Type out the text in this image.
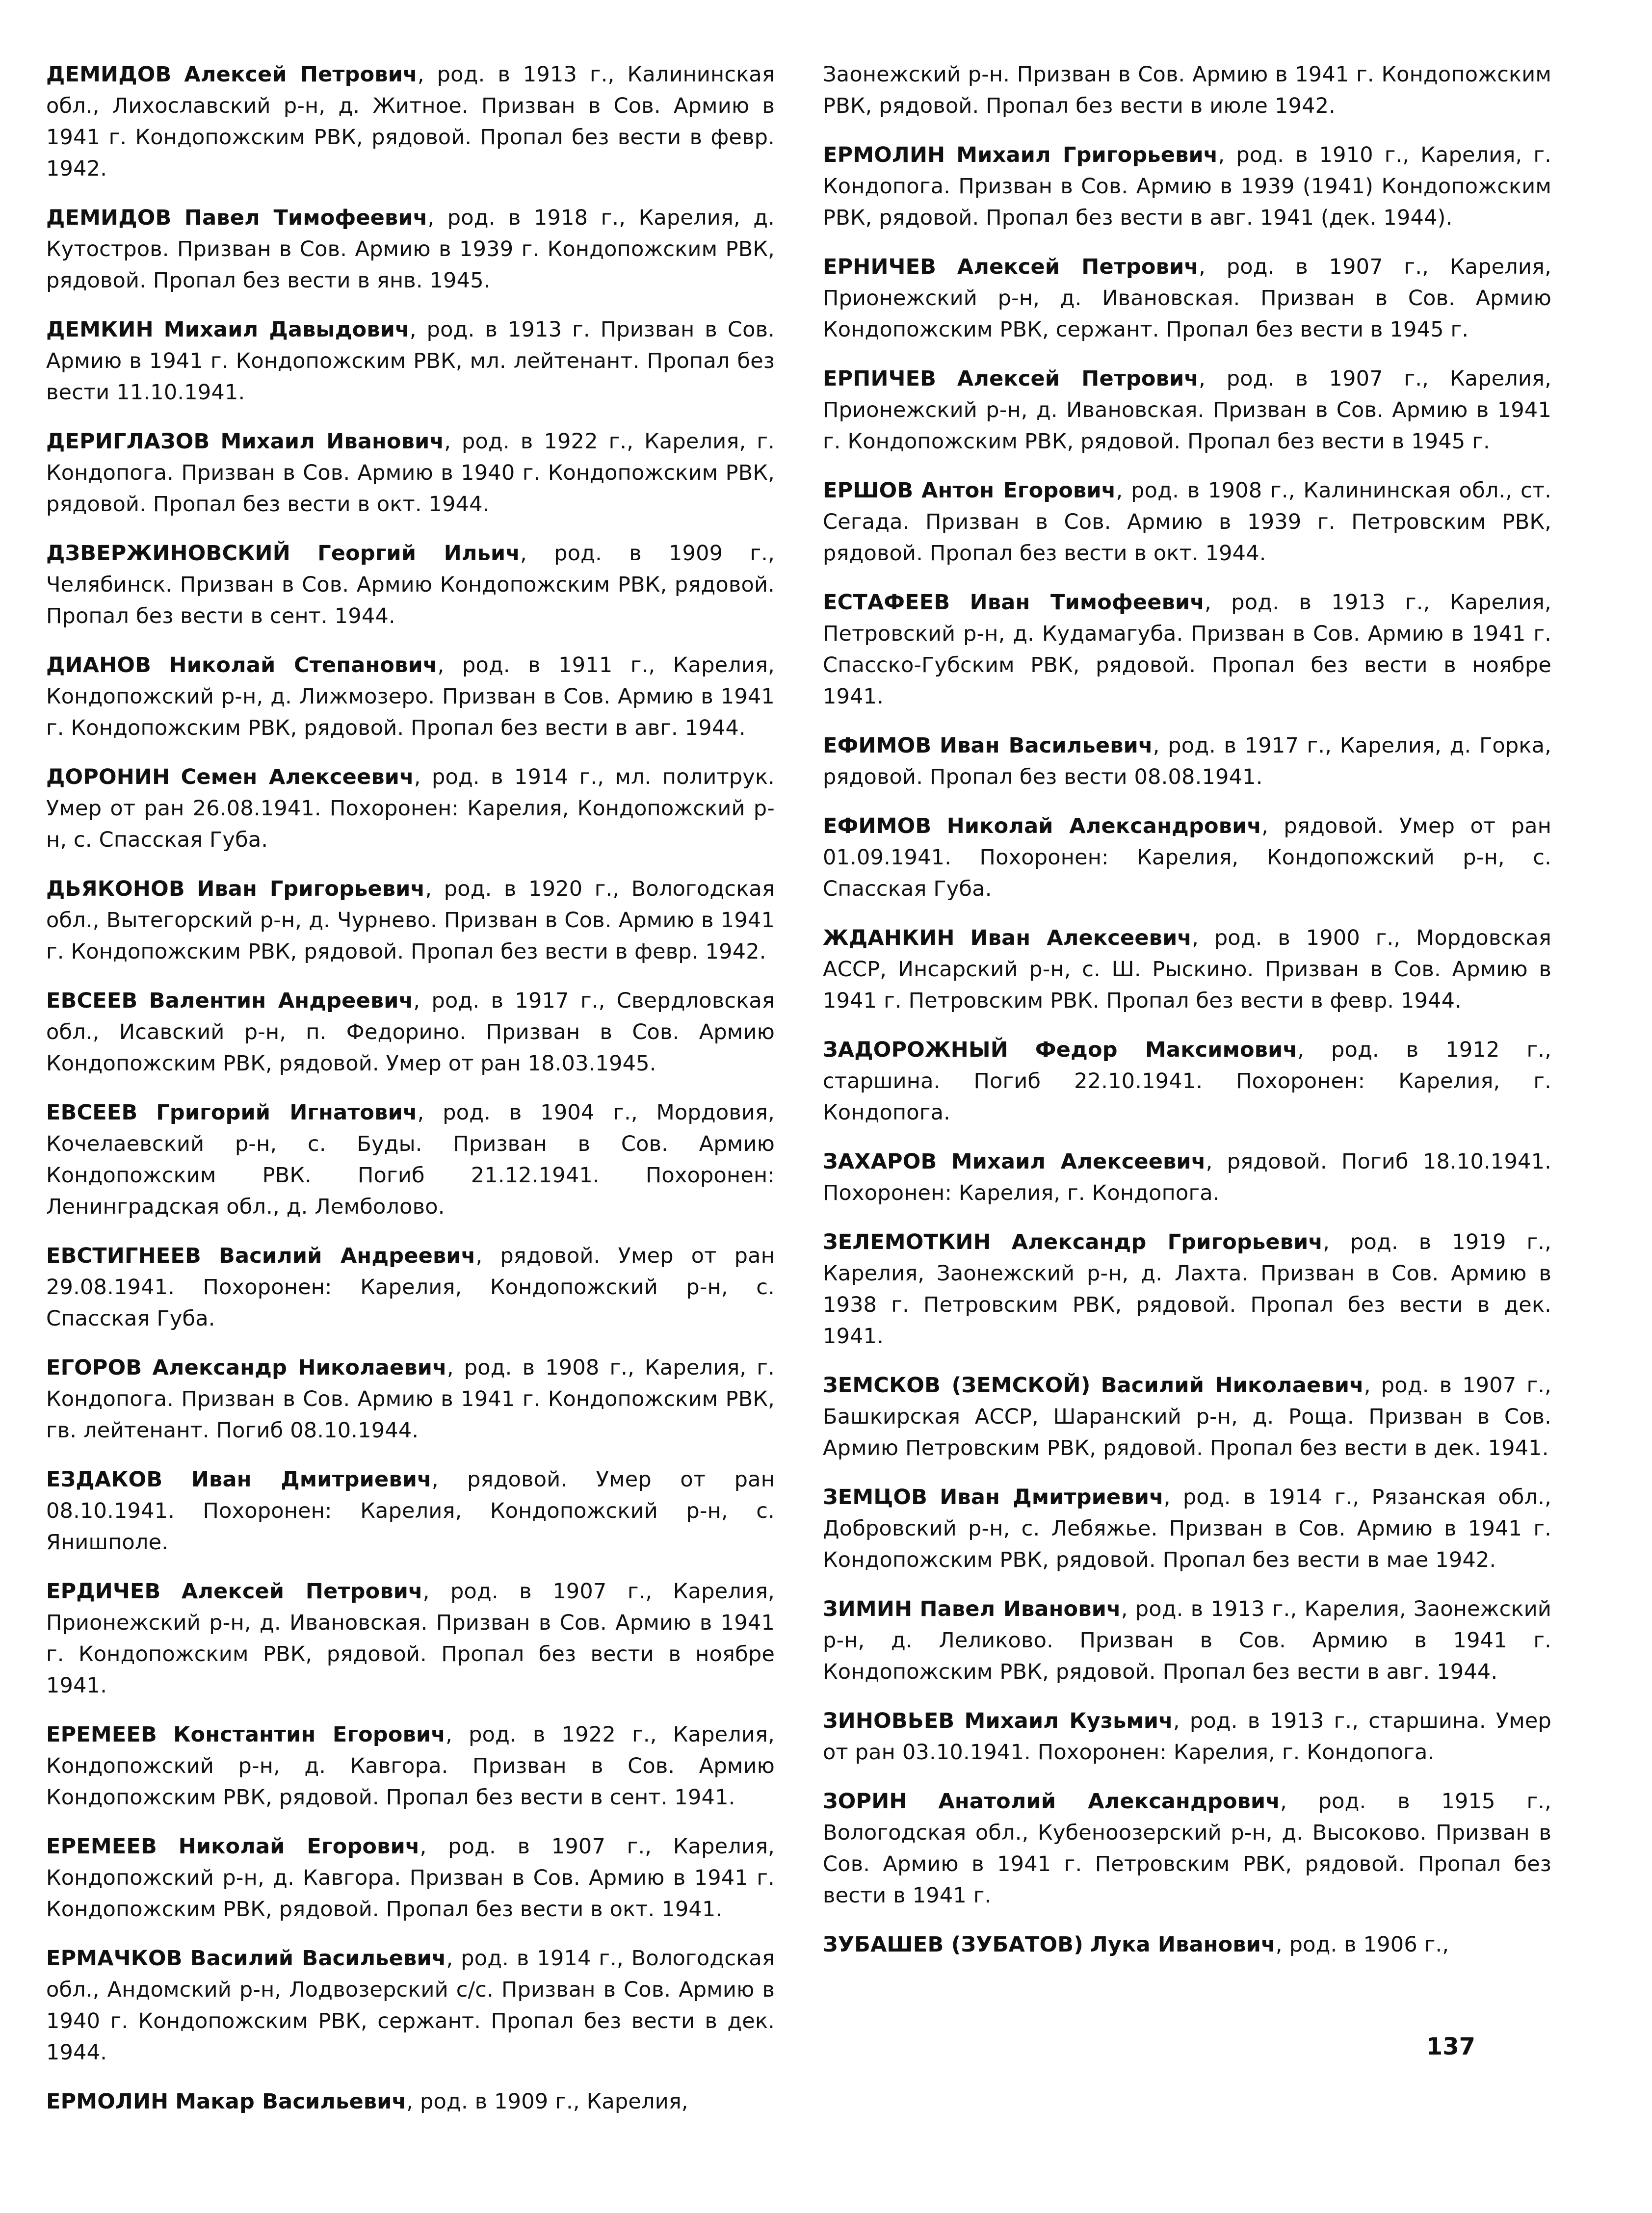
ДЕМИДОВ Алексей Петрович, род. в 1913 г., Калининская обл., Лихославский р-н, д. Житное. Призван в Сов. Армию в 1941 г. Кондопожским РВК, рядовой. Пропал без вести в февр. 1942.

ДЕМИДОВ Павел Тимофеевич, род. в 1918 г., Карелия, д. Кутостров. Призван в Сов. Армию в 1939 г. Кондопожским РВК, рядовой. Пропал без вести в янв. 1945.

ДЕМКИН Михаил Давыдович, род. в 1913 г. Призван в Сов. Армию в 1941 г. Кондопожским РВК, мл. лейтенант. Пропал без вести 11.10.1941.

ДЕРИГЛАЗОВ Михаил Иванович, род. в 1922 г., Карелия, г. Кондопога. Призван в Сов. Армию в 1940 г. Кондопожским РВК, рядовой. Пропал без вести в окт. 1944.

ДЗВЕРЖИНОВСКИЙ Георгий Ильич, род. в 1909 г., Челябинск. Призван в Сов. Армию Кондопожским РВК, рядовой. Пропал без вести в сент. 1944.

ДИАНОВ Николай Степанович, род. в 1911 г., Карелия, Кондопожский р-н, д. Лижмозеро. Призван в Сов. Армию в 1941 г. Кондопожским РВК, рядовой. Пропал без вести в авг. 1944.

ДОРОНИН Семен Алексеевич, род. в 1914 г., мл. политрук. Умер от ран 26.08.1941. Похоронен: Карелия, Кондопожский р-н, с. Спасская Губа.

ДЬЯКОНОВ Иван Григорьевич, род. в 1920 г., Вологодская обл., Вытегорский р-н, д. Чурнево. Призван в Сов. Армию в 1941 г. Кондопожским РВК, рядовой. Пропал без вести в февр. 1942.

ЕВСЕЕВ Валентин Андреевич, род. в 1917 г., Свердловская обл., Исавский р-н, п. Федорино. Призван в Сов. Армию Кондопожским РВК, рядовой. Умер от ран 18.03.1945.

ЕВСЕЕВ Григорий Игнатович, род. в 1904 г., Мордовия, Кочелаевский р-н, с. Буды. Призван в Сов. Армию Кондопожским РВК. Погиб 21.12.1941. Похоронен: Ленинградская обл., д. Лемболово.

ЕВСТИГНЕЕВ Василий Андреевич, рядовой. Умер от ран 29.08.1941. Похоронен: Карелия, Кондопожский р-н, с. Спасская Губа.

ЕГОРОВ Александр Николаевич, род. в 1908 г., Карелия, г. Кондопога. Призван в Сов. Армию в 1941 г. Кондопожским РВК, гв. лейтенант. Погиб 08.10.1944.

ЕЗДАКОВ Иван Дмитриевич, рядовой. Умер от ран 08.10.1941. Похоронен: Карелия, Кондопожский р-н, с. Янишполе.

ЕРДИЧЕВ Алексей Петрович, род. в 1907 г., Карелия, Прионежский р-н, д. Ивановская. Призван в Сов. Армию в 1941 г. Кондопожским РВК, рядовой. Пропал без вести в ноябре 1941.

ЕРЕМЕЕВ Константин Егорович, род. в 1922 г., Карелия, Кондопожский р-н, д. Кавгора. Призван в Сов. Армию Кондопожским РВК, рядовой. Пропал без вести в сент. 1941.

ЕРЕМЕЕВ Николай Егорович, род. в 1907 г., Карелия, Кондопожский р-н, д. Кавгора. Призван в Сов. Армию в 1941 г. Кондопожским РВК, рядовой. Пропал без вести в окт. 1941.

ЕРМАЧКОВ Василий Васильевич, род. в 1914 г., Вологодская обл., Андомский р-н, Лодвозерский с/с. Призван в Сов. Армию в 1940 г. Кондопожским РВК, сержант. Пропал без вести в дек. 1944.

ЕРМОЛИН Макар Васильевич, род. в 1909 г., Карелия,

Заонежский р-н. Призван в Сов. Армию в 1941 г. Кондопожским РВК, рядовой. Пропал без вести в июле 1942.

ЕРМОЛИН Михаил Григорьевич, род. в 1910 г., Карелия, г. Кондопога. Призван в Сов. Армию в 1939 (1941) Кондопожским РВК, рядовой. Пропал без вести в авг. 1941 (дек. 1944).

ЕРНИЧЕВ Алексей Петрович, род. в 1907 г., Карелия, Прионежский р-н, д. Ивановская. Призван в Сов. Армию Кондопожским РВК, сержант. Пропал без вести в 1945 г.

ЕРПИЧЕВ Алексей Петрович, род. в 1907 г., Карелия, Прионежский р-н, д. Ивановская. Призван в Сов. Армию в 1941 г. Кондопожским РВК, рядовой. Пропал без вести в 1945 г.

ЕРШОВ Антон Егорович, род. в 1908 г., Калининская обл., ст. Сегада. Призван в Сов. Армию в 1939 г. Петровским РВК, рядовой. Пропал без вести в окт. 1944.

ЕСТАФЕЕВ Иван Тимофеевич, род. в 1913 г., Карелия, Петровский р-н, д. Кудамагуба. Призван в Сов. Армию в 1941 г. Спасско-Губским РВК, рядовой. Пропал без вести в ноябре 1941.

ЕФИМОВ Иван Васильевич, род. в 1917 г., Карелия, д. Горка, рядовой. Пропал без вести 08.08.1941.

ЕФИМОВ Николай Александрович, рядовой. Умер от ран 01.09.1941. Похоронен: Карелия, Кондопожский р-н, с. Спасская Губа.

ЖДАНКИН Иван Алексеевич, род. в 1900 г., Мордовская АССР, Инсарский р-н, с. Ш. Рыскино. Призван в Сов. Армию в 1941 г. Петровским РВК. Пропал без вести в февр. 1944.

ЗАДОРОЖНЫЙ Федор Максимович, род. в 1912 г., старшина. Погиб 22.10.1941. Похоронен: Карелия, г. Кондопога.

ЗАХАРОВ Михаил Алексеевич, рядовой. Погиб 18.10.1941. Похоронен: Карелия, г. Кондопога.

ЗЕЛЕМОТКИН Александр Григорьевич, род. в 1919 г., Карелия, Заонежский р-н, д. Лахта. Призван в Сов. Армию в 1938 г. Петровским РВК, рядовой. Пропал без вести в дек. 1941.

ЗЕМСКОВ (ЗЕМСКОЙ) Василий Николаевич, род. в 1907 г., Башкирская АССР, Шаранский р-н, д. Роща. Призван в Сов. Армию Петровским РВК, рядовой. Пропал без вести в дек. 1941.

ЗЕМЦОВ Иван Дмитриевич, род. в 1914 г., Рязанская обл., Добровский р-н, с. Лебяжье. Призван в Сов. Армию в 1941 г. Кондопожским РВК, рядовой. Пропал без вести в мае 1942.

ЗИМИН Павел Иванович, род. в 1913 г., Карелия, Заонежский р-н, д. Леликово. Призван в Сов. Армию в 1941 г. Кондопожским РВК, рядовой. Пропал без вести в авг. 1944.

ЗИНОВЬЕВ Михаил Кузьмич, род. в 1913 г., старшина. Умер от ран 03.10.1941. Похоронен: Карелия, г. Кондопога.

ЗОРИН Анатолий Александрович, род. в 1915 г., Вологодская обл., Кубеноозерский р-н, д. Высоково. Призван в Сов. Армию в 1941 г. Петровским РВК, рядовой. Пропал без вести в 1941 г.

ЗУБАШЕВ (ЗУБАТОВ) Лука Иванович, род. в 1906 г.,

137
